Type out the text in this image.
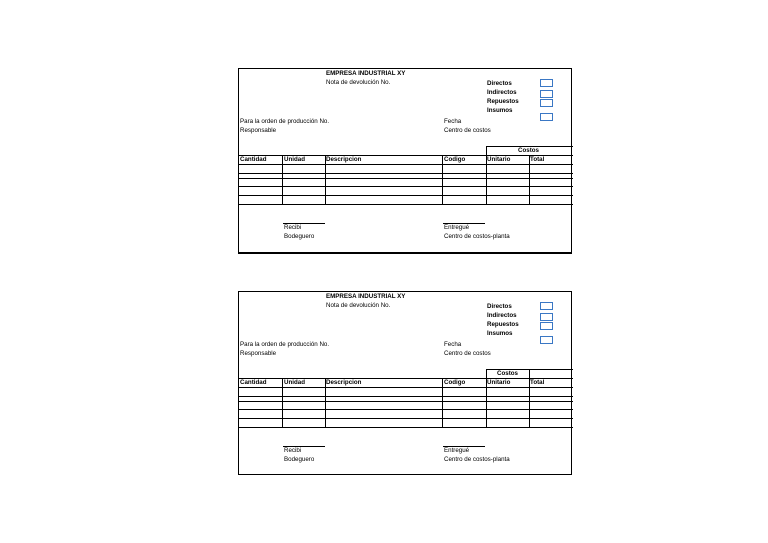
EMPRESA INDUSTRIAL XY
Nota de devolución No.	Directos
Indirectos
Repuestos
Insumos
Para la orden de producción No.
Responsable
Fecha
Centro de costos
Costos
Cantidad	Unidad	Descripcion	Codigo	Unitario	Total
Recibi
Bodeguero
Entregué
Centro de costos-planta
EMPRESA INDUSTRIAL XY
Nota de devolución No.	Directos
Indirectos
Repuestos
Insumos
Para la orden de producción No.
Responsable
Fecha
Centro de costos
Costos
Cantidad	Unidad	Descripcion	Codigo	Unitario	Total
Recibi
Bodeguero
Entregué
Centro de costos-planta
